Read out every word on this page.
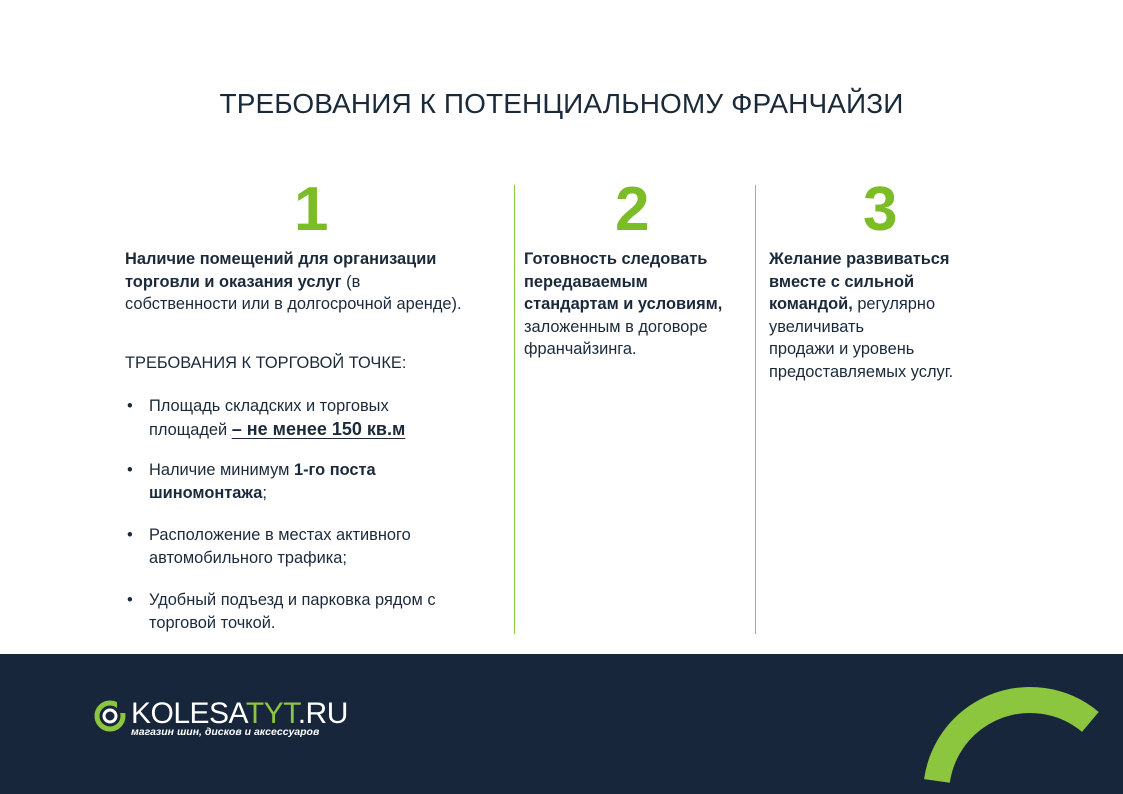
ТРЕБОВАНИЯ К ПОТЕНЦИАЛЬНОМУ ФРАНЧАЙЗИ
1	2	3
Наличие помещений для организации
торговли и оказания услуг (в
собственности или в долгосрочной аренде).
Готовность следовать
передаваемым
стандартам и условиям,
заложенным в договоре
франчайзинга.
Желание развиваться
вместе с сильной
командой, регулярно
увеличивать
продажи и уровень
предоставляемых услуг.
ТРЕБОВАНИЯ К ТОРГОВОЙ ТОЧКЕ:
• Площадь складских и торговых
площадей – не менее 150 кв.м
• Наличие минимум 1-го поста
шиномонтажа;
• Расположение в местах активного
автомобильного трафика;
• Удобный подъезд и парковка рядом с
торговой точкой.
KOLESATYT.RU
магазин шин, дисков и аксессуаров
